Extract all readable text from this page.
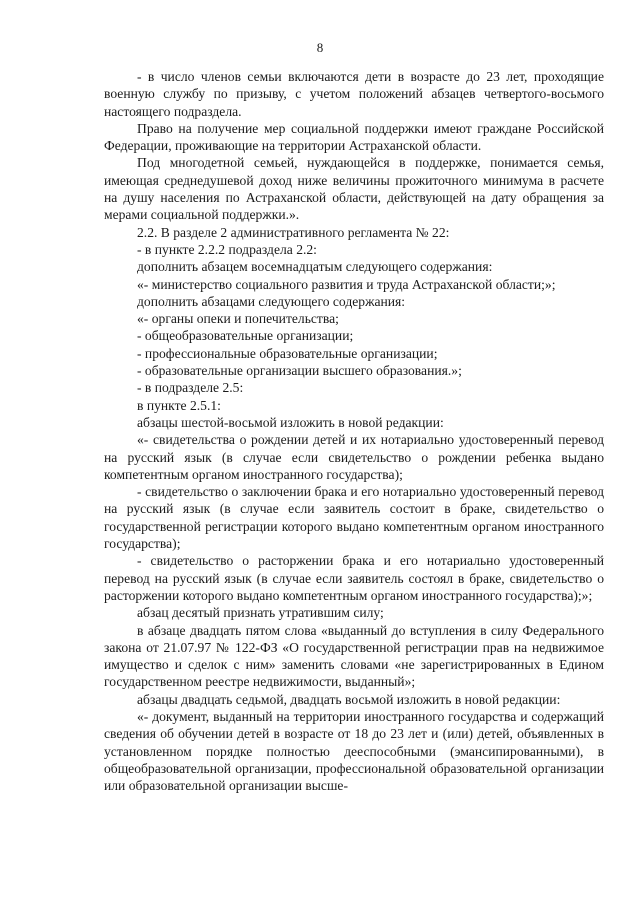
8

- в число членов семьи включаются дети в возрасте до 23 лет, проходящие военную службу по призыву, с учетом положений абзацев четвертого-восьмого настоящего подраздела.

Право на получение мер социальной поддержки имеют граждане Российской Федерации, проживающие на территории Астраханской области.

Под многодетной семьей, нуждающейся в поддержке, понимается семья, имеющая среднедушевой доход ниже величины прожиточного минимума в расчете на душу населения по Астраханской области, действующей на дату обращения за мерами социальной поддержки.».

2.2. В разделе 2 административного регламента № 22:

- в пункте 2.2.2 подраздела 2.2:

дополнить абзацем восемнадцатым следующего содержания:

«- министерство социального развития и труда Астраханской области;»;

дополнить абзацами следующего содержания:

«- органы опеки и попечительства;

- общеобразовательные организации;

- профессиональные образовательные организации;

- образовательные организации высшего образования.»;

- в подразделе 2.5:

в пункте 2.5.1:

абзацы шестой-восьмой изложить в новой редакции:

«- свидетельства о рождении детей и их нотариально удостоверенный перевод на русский язык (в случае если свидетельство о рождении ребенка выдано компетентным органом иностранного государства);

- свидетельство о заключении брака и его нотариально удостоверенный перевод на русский язык (в случае если заявитель состоит в браке, свидетельство о государственной регистрации которого выдано компетентным органом иностранного государства);

- свидетельство о расторжении брака и его нотариально удостоверенный перевод на русский язык (в случае если заявитель состоял в браке, свидетельство о расторжении которого выдано компетентным органом иностранного государства);»;

абзац десятый признать утратившим силу;

в абзаце двадцать пятом слова «выданный до вступления в силу Федерального закона от 21.07.97 № 122-ФЗ «О государственной регистрации прав на недвижимое имущество и сделок с ним» заменить словами «не зарегистрированных в Едином государственном реестре недвижимости, выданный»;

абзацы двадцать седьмой, двадцать восьмой изложить в новой редакции:

«- документ, выданный на территории иностранного государства и содержащий сведения об обучении детей в возрасте от 18 до 23 лет и (или) детей, объявленных в установленном порядке полностью дееспособными (эмансипированными), в общеобразовательной организации, профессиональной образовательной организации или образовательной организации высше-
